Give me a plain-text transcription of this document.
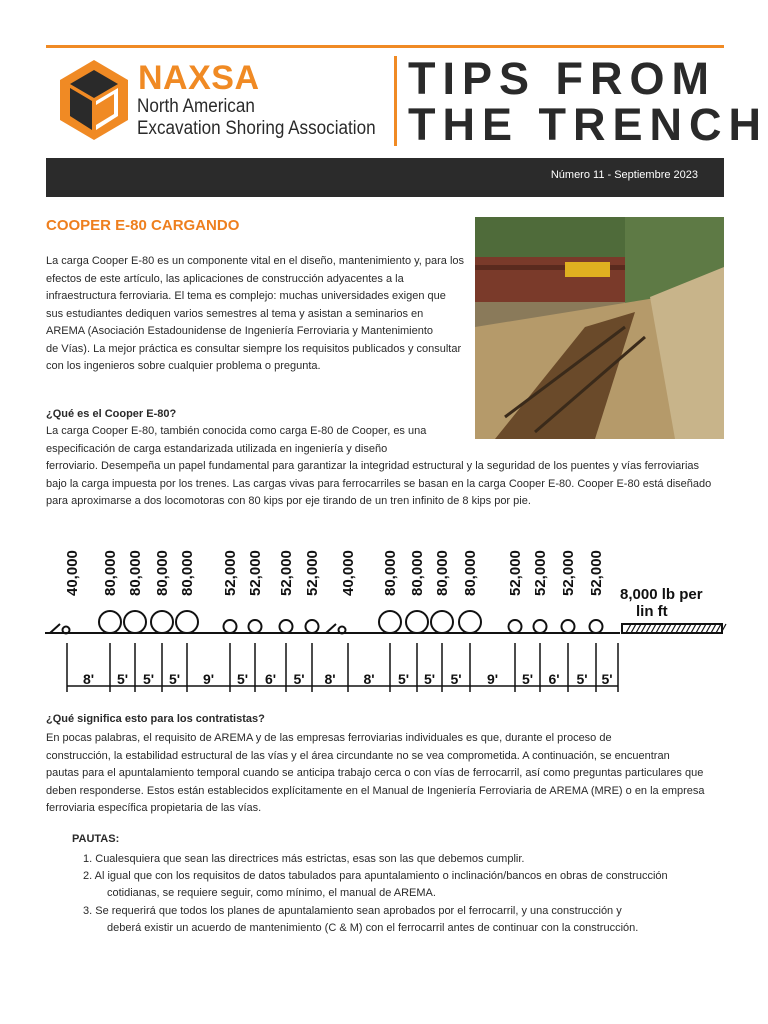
NAXSA
North American
Excavation Shoring Association
TIPS FROM
THE TRENCH
Número 11 - Septiembre 2023
COOPER E-80 CARGANDO
La carga Cooper E-80 es un componente vital en el diseño, mantenimiento y, para los
efectos de este artículo, las aplicaciones de construcción adyacentes a la
infraestructura ferroviaria. El tema es complejo: muchas universidades exigen que
sus estudiantes dediquen varios semestres al tema y asistan a seminarios en
AREMA (Asociación Estadounidense de Ingeniería Ferroviaria y Mantenimiento
de Vías). La mejor práctica es consultar siempre los requisitos publicados y consultar
con los ingenieros sobre cualquier problema o pregunta.
¿Qué es el Cooper E-80?
La carga Cooper E-80, también conocida como carga E-80 de Cooper, es una
especificación de carga estandarizada utilizada en ingeniería y diseño
ferroviario. Desempeña un papel fundamental para garantizar la integridad estructural y la seguridad de los puentes y vías ferroviarias
bajo la carga impuesta por los trenes. Las cargas vivas para ferrocarriles se basan en la carga Cooper E-80. Cooper E-80 está diseñado
para aproximarse a dos locomotoras con 80 kips por eje tirando de un tren infinito de 8 kips por pie.
8,000 lb per
lin ft
40,000 80,000 80,000 80,000 80,000 52,000 52,000 52,000 52,000 40,000 80,000 80,000 80,000 80,000 52,000 52,000 52,000 52,000
8' 5' 5' 5' 9' 5' 6' 5' 8' 8' 5' 5' 5' 9' 5' 6' 5' 5'
¿Qué significa esto para los contratistas?
En pocas palabras, el requisito de AREMA y de las empresas ferroviarias individuales es que, durante el proceso de
construcción, la estabilidad estructural de las vías y el área circundante no se vea comprometida. A continuación, se encuentran
pautas para el apuntalamiento temporal cuando se anticipa trabajo cerca o con vías de ferrocarril, así como preguntas particulares que
deben responderse. Estos están establecidos explícitamente en el Manual de Ingeniería Ferroviaria de AREMA (MRE) o en la empresa
ferroviaria específica propietaria de las vías.
PAUTAS:
1. Cualesquiera que sean las directrices más estrictas, esas son las que debemos cumplir.
2. Al igual que con los requisitos de datos tabulados para apuntalamiento o inclinación/bancos en obras de construcción
cotidianas, se requiere seguir, como mínimo, el manual de AREMA.
3. Se requerirá que todos los planes de apuntalamiento sean aprobados por el ferrocarril, y una construcción y
deberá existir un acuerdo de mantenimiento (C & M) con el ferrocarril antes de continuar con la construcción.
